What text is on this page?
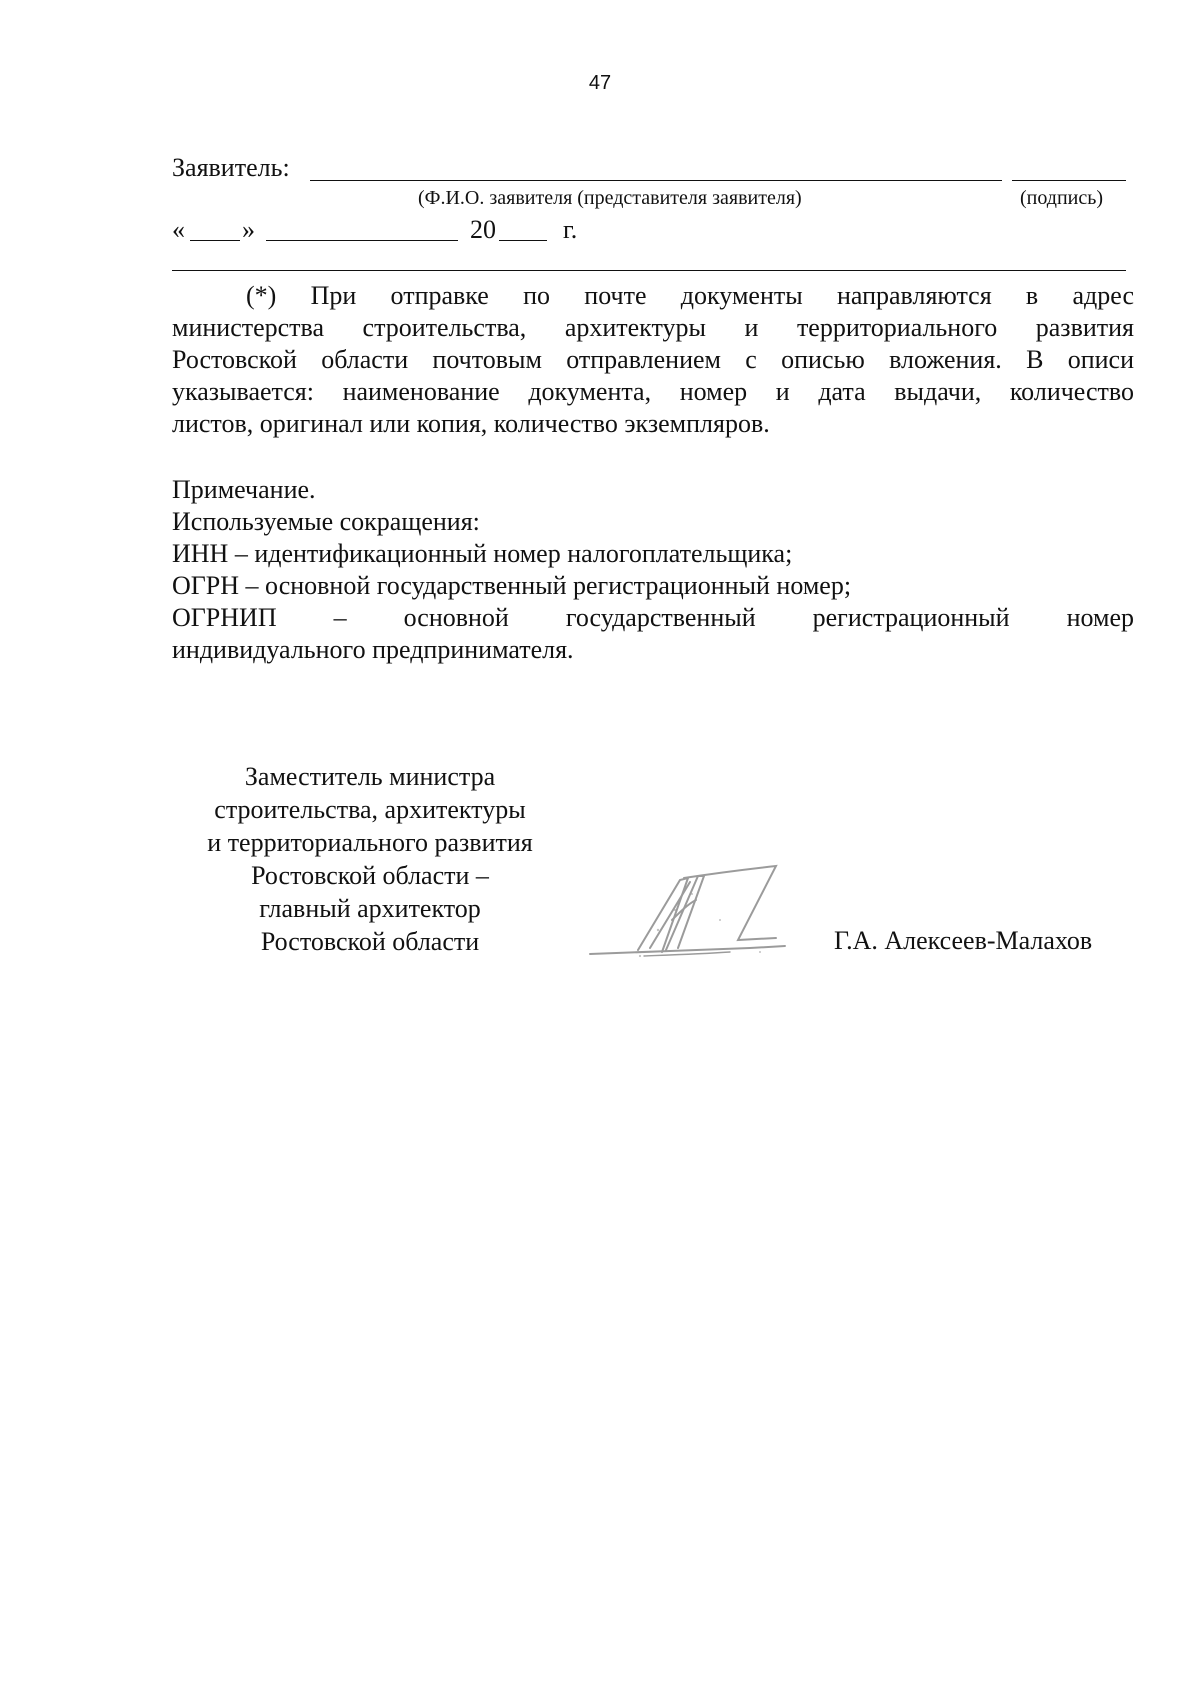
47
Заявитель:
(Ф.И.О. заявителя (представителя заявителя)	(подпись)
« »	20	г.
(*) При отправке по почте документы направляются в адрес
министерства строительства, архитектуры и территориального развития
Ростовской области почтовым отправлением с описью вложения. В описи
указывается: наименование документа, номер и дата выдачи, количество
листов, оригинал или копия, количество экземпляров.
Примечание.
Используемые сокращения:
ИНН – идентификационный номер налогоплательщика;
ОГРН – основной государственный регистрационный номер;
ОГРНИП – основной государственный регистрационный номер
индивидуального предпринимателя.
Заместитель министра
строительства, архитектуры
и территориального развития
Ростовской области –
главный архитектор
Ростовской области	Г.А. Алексеев-Малахов
